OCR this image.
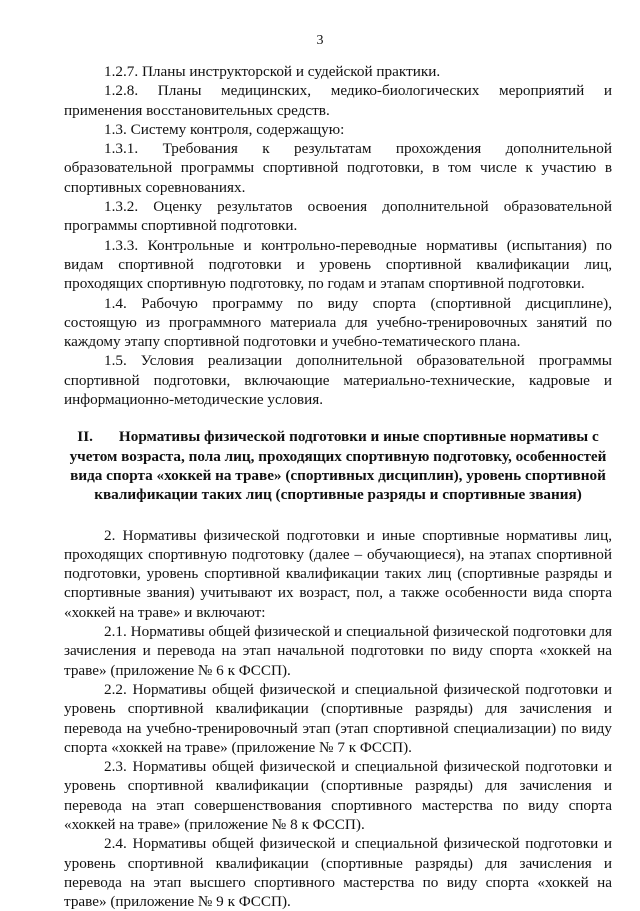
3

1.2.7. Планы инструкторской и судейской практики.

1.2.8. Планы медицинских, медико-биологических мероприятий и применения восстановительных средств.

1.3. Систему контроля, содержащую:

1.3.1. Требования к результатам прохождения дополнительной образовательной программы спортивной подготовки, в том числе к участию в спортивных соревнованиях.

1.3.2. Оценку результатов освоения дополнительной образовательной программы спортивной подготовки.

1.3.3. Контрольные и контрольно-переводные нормативы (испытания) по видам спортивной подготовки и уровень спортивной квалификации лиц, проходящих спортивную подготовку, по годам и этапам спортивной подготовки.

1.4. Рабочую программу по виду спорта (спортивной дисциплине), состоящую из программного материала для учебно-тренировочных занятий по каждому этапу спортивной подготовки и учебно-тематического плана.

1.5. Условия реализации дополнительной образовательной программы спортивной подготовки, включающие материально-технические, кадровые и информационно-методические условия.

II. Нормативы физической подготовки и иные спортивные нормативы с учетом возраста, пола лиц, проходящих спортивную подготовку, особенностей вида спорта «хоккей на траве» (спортивных дисциплин), уровень спортивной квалификации таких лиц (спортивные разряды и спортивные звания)

2. Нормативы физической подготовки и иные спортивные нормативы лиц, проходящих спортивную подготовку (далее – обучающиеся), на этапах спортивной подготовки, уровень спортивной квалификации таких лиц (спортивные разряды и спортивные звания) учитывают их возраст, пол, а также особенности вида спорта «хоккей на траве» и включают:

2.1. Нормативы общей физической и специальной физической подготовки для зачисления и перевода на этап начальной подготовки по виду спорта «хоккей на траве» (приложение № 6 к ФССП).

2.2. Нормативы общей физической и специальной физической подготовки и уровень спортивной квалификации (спортивные разряды) для зачисления и перевода на учебно-тренировочный этап (этап спортивной специализации) по виду спорта «хоккей на траве» (приложение № 7 к ФССП).

2.3. Нормативы общей физической и специальной физической подготовки и уровень спортивной квалификации (спортивные разряды) для зачисления и перевода на этап совершенствования спортивного мастерства по виду спорта «хоккей на траве» (приложение № 8 к ФССП).

2.4. Нормативы общей физической и специальной физической подготовки и уровень спортивной квалификации (спортивные разряды) для зачисления и перевода на этап высшего спортивного мастерства по виду спорта «хоккей на траве» (приложение № 9 к ФССП).
